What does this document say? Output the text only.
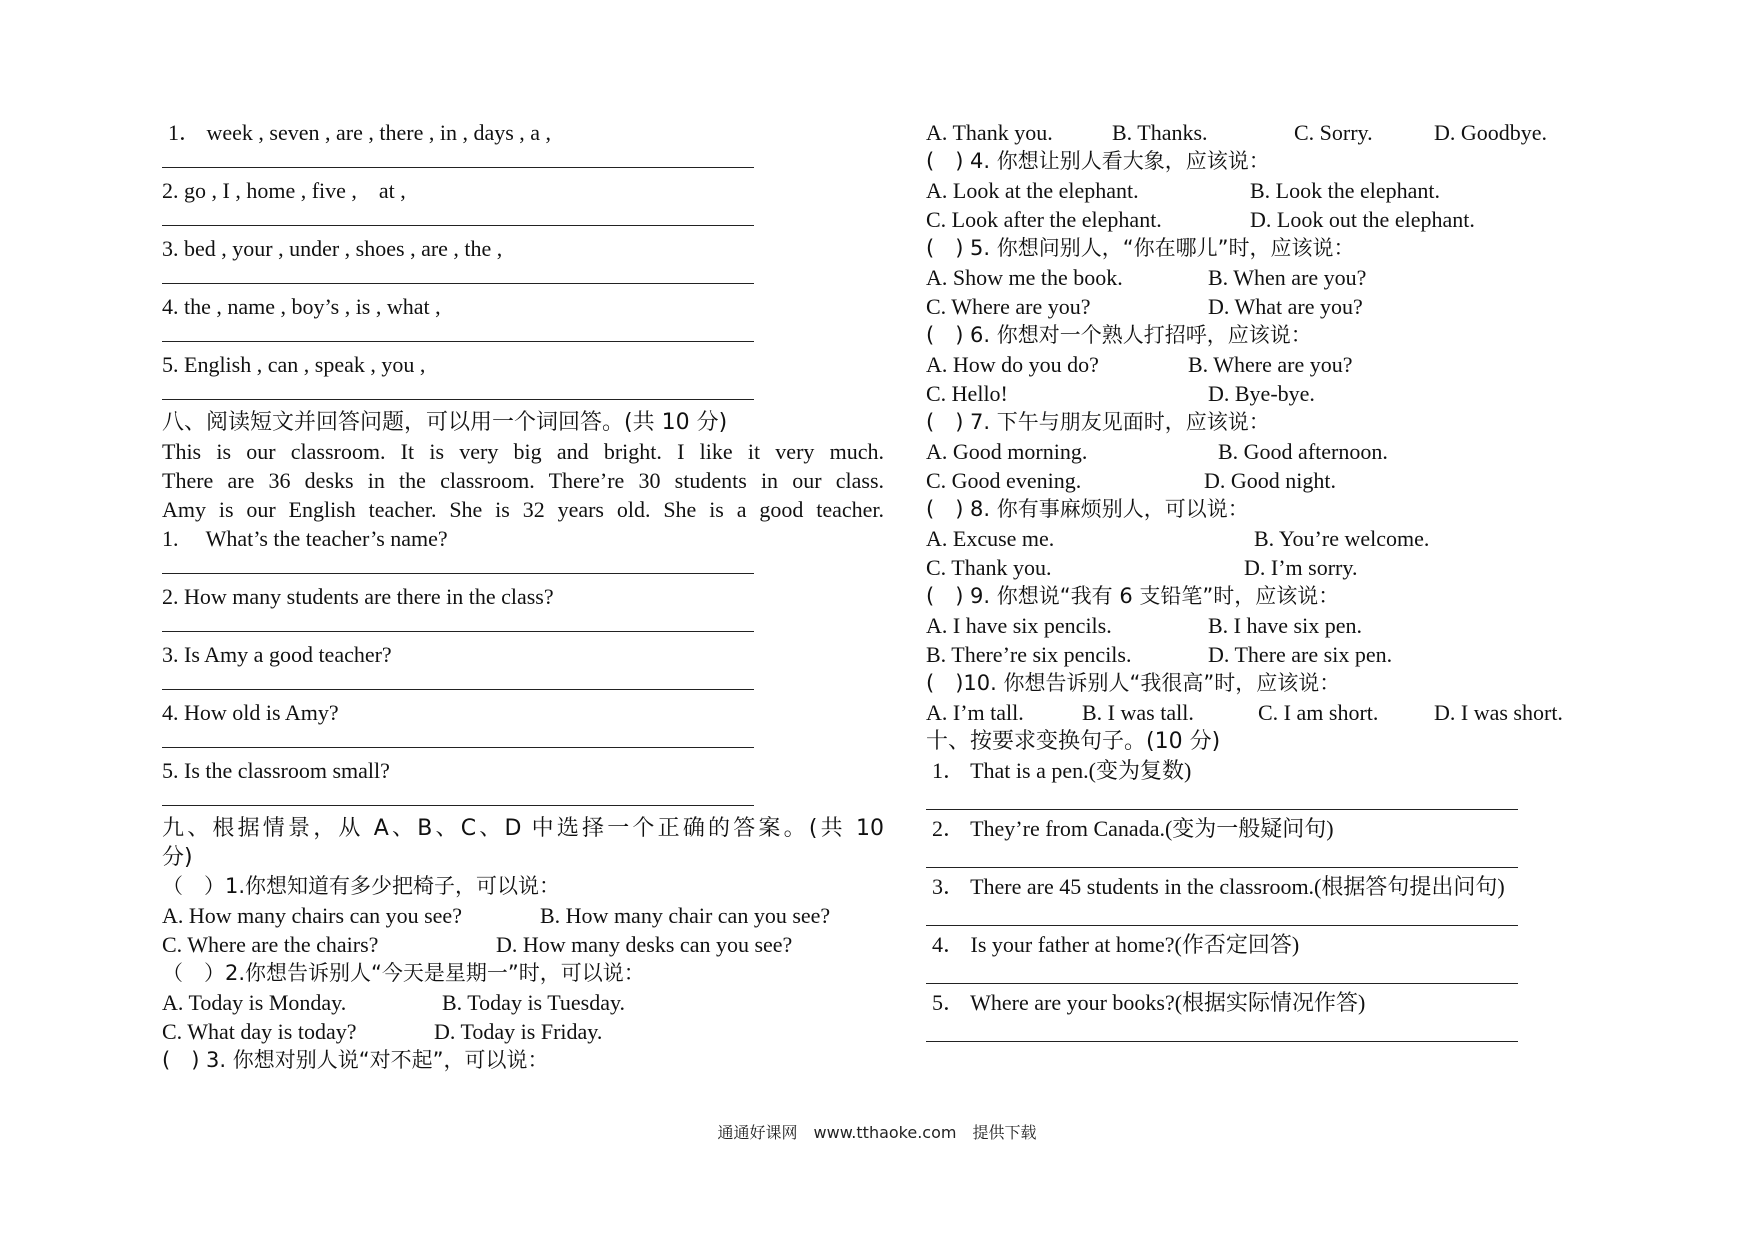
1． week , seven , are , there , in , days , a ,
2. go , I , home , five ,　at ,
3. bed , your , under , shoes , are , the ,
4. the , name , boy’s , is , what ,
5. English , can , speak , you ,
八、阅读短文并回答问题，可以用一个词回答。(共 10 分)
This is our classroom. It is very big and bright. I like it very much.
There are 36 desks in the classroom. There’re 30 students in our class.
Amy is our English teacher. She is 32 years old. She is a good teacher.
1.　 What’s the teacher’s name?
2. How many students are there in the class?
3. Is Amy a good teacher?
4. How old is Amy?
5. Is the classroom small?
九、根据情景，从 A、B、C、D 中选择一个正确的答案。(共 10
分)
（　）1.你想知道有多少把椅子，可以说：
A. How many chairs can you see?	B. How many chair can you see?
C. Where are the chairs?	D. How many desks can you see?
（　）2.你想告诉别人“今天是星期一”时，可以说：
A. Today is Monday.	B. Today is Tuesday.
C. What day is today?	D. Today is Friday.
(　) 3. 你想对别人说“对不起”，可以说：
A. Thank you.	B. Thanks.	C. Sorry.	D. Goodbye.
(　) 4. 你想让别人看大象，应该说：
A. Look at the elephant.	B. Look the elephant.
C. Look after the elephant.	D. Look out the elephant.
(　) 5. 你想问别人，“你在哪儿”时，应该说：
A. Show me the book.	B. When are you?
C. Where are you?	D. What are you?
(　) 6. 你想对一个熟人打招呼，应该说：
A. How do you do?	B. Where are you?
C. Hello!	D. Bye-bye.
(　) 7. 下午与朋友见面时，应该说：
A. Good morning.	B. Good afternoon.
C. Good evening.	D. Good night.
(　) 8. 你有事麻烦别人，可以说：
A. Excuse me.	B. You’re welcome.
C. Thank you.	D. I’m sorry.
(　) 9. 你想说“我有 6 支铅笔”时，应该说：
A. I have six pencils.	B. I have six pen.
B. There’re six pencils.	D. There are six pen.
(　)10. 你想告诉别人“我很高”时，应该说：
A. I’m tall.	B. I was tall.	C. I am short.	D. I was short.
十、按要求变换句子。(10 分)
1． That is a pen.(变为复数)
2． They’re from Canada.(变为一般疑问句)
3． There are 45 students in the classroom.(根据答句提出问句)
4． Is your father at home?(作否定回答)
5． Where are your books?(根据实际情况作答)
通通好课网　www.tthaoke.com　提供下载
